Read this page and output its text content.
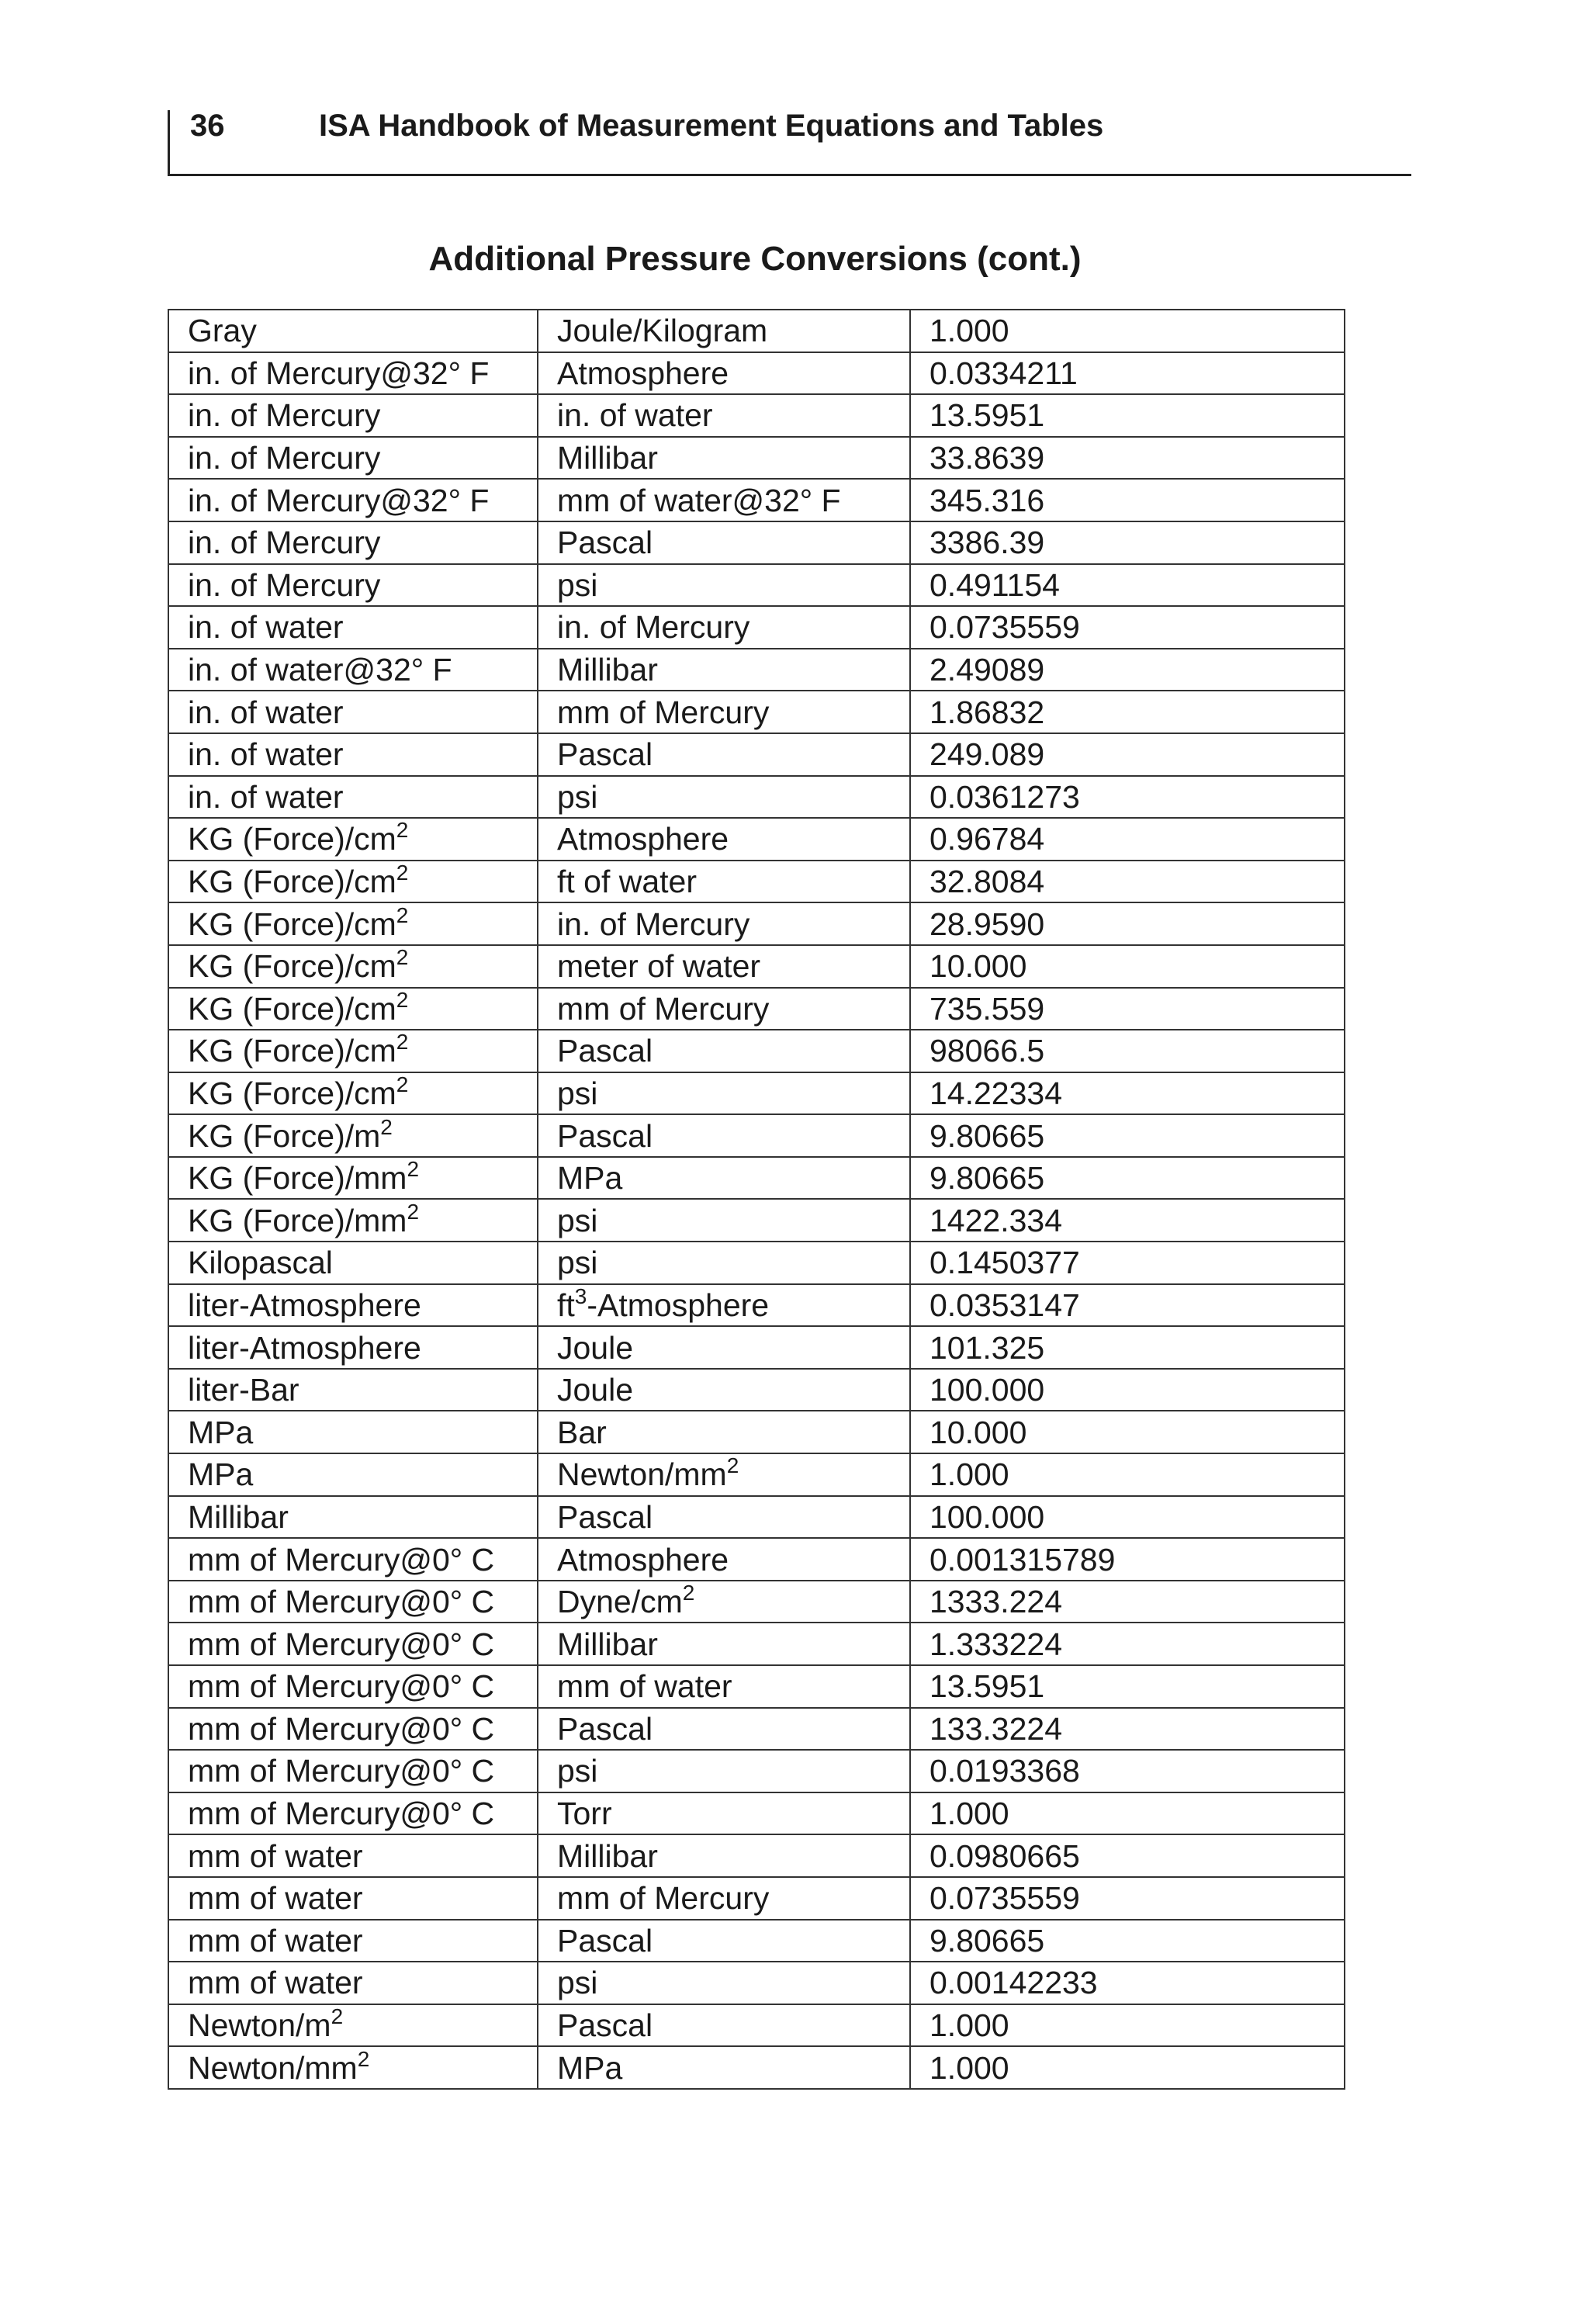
36	ISA Handbook of Measurement Equations and Tables
Additional Pressure Conversions (cont.)
Gray	Joule/Kilogram	1.000
in. of Mercury@32° F	Atmosphere	0.0334211
in. of Mercury	in. of water	13.5951
in. of Mercury	Millibar	33.8639
in. of Mercury@32° F	mm of water@32° F	345.316
in. of Mercury	Pascal	3386.39
in. of Mercury	psi	0.491154
in. of water	in. of Mercury	0.0735559
in. of water@32° F	Millibar	2.49089
in. of water	mm of Mercury	1.86832
in. of water	Pascal	249.089
in. of water	psi	0.0361273
KG $(Force)/cm^2$	Atmosphere	0.96784
KG $(Force)/cm^2$	ft of water	32.8084
KG $(Force)/cm^2$	in. of Mercury	28.9590
KG $(Force)/cm^2$	meter of water	10.000
KG $(Force)/cm^2$	mm of Mercury	735.559
KG $(Force)/cm^2$	Pascal	98066.5
KG $(Force)/cm^2$	psi	14.22334
KG $(Force)/m^2$	Pascal	9.80665
KG $(Force)/mm^2$	MPa	9.80665
KG $(Force)/mm^2$	psi	1422.334
Kilopascal	psi	0.1450377
liter-Atmosphere	$ft^3$-Atmosphere	0.0353147
liter-Atmosphere	Joule	101.325
liter-Bar	Joule	100.000
MPa	Bar	10.000
MPa	Newton/$mm^2$	1.000
Millibar	Pascal	100.000
mm of Mercury@0° C	Atmosphere	0.001315789
mm of Mercury@0° C	Dyne/$cm^2$	1333.224
mm of Mercury@0° C	Millibar	1.333224
mm of Mercury@0° C	mm of water	13.5951
mm of Mercury@0° C	Pascal	133.3224
mm of Mercury@0° C	psi	0.0193368
mm of Mercury@0° C	Torr	1.000
mm of water	Millibar	0.0980665
mm of water	mm of Mercury	0.0735559
mm of water	Pascal	9.80665
mm of water	psi	0.00142233
Newton/$m^2$	Pascal	1.000
Newton/$mm^2$	MPa	1.000
